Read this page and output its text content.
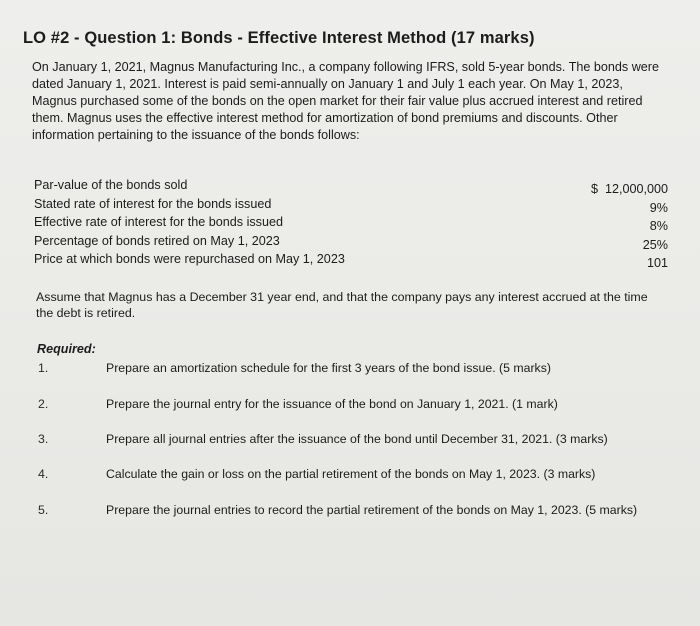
LO #2 - Question 1: Bonds - Effective Interest Method (17 marks)
On January 1, 2021, Magnus Manufacturing Inc., a company following IFRS, sold 5-year bonds. The bonds were dated January 1, 2021. Interest is paid semi-annually on January 1 and July 1 each year. On May 1, 2023, Magnus purchased some of the bonds on the open market for their fair value plus accrued interest and retired them. Magnus uses the effective interest method for amortization of bond premiums and discounts. Other information pertaining to the issuance of the bonds follows:
Par-value of the bonds sold	$  12,000,000
Stated rate of interest for the bonds issued	9%
Effective rate of interest for the bonds issued	8%
Percentage of bonds retired on May 1, 2023	25%
Price at which bonds were repurchased on May 1, 2023	101
Assume that Magnus has a December 31 year end, and that the company pays any interest accrued at the time the debt is retired.
Required:
1.	Prepare an amortization schedule for the first 3 years of the bond issue. (5 marks)
2.	Prepare the journal entry for the issuance of the bond on January 1, 2021. (1 mark)
3.	Prepare all journal entries after the issuance of the bond until December 31, 2021. (3 marks)
4.	Calculate the gain or loss on the partial retirement of the bonds on May 1, 2023. (3 marks)
5.	Prepare the journal entries to record the partial retirement of the bonds on May 1, 2023. (5 marks)
